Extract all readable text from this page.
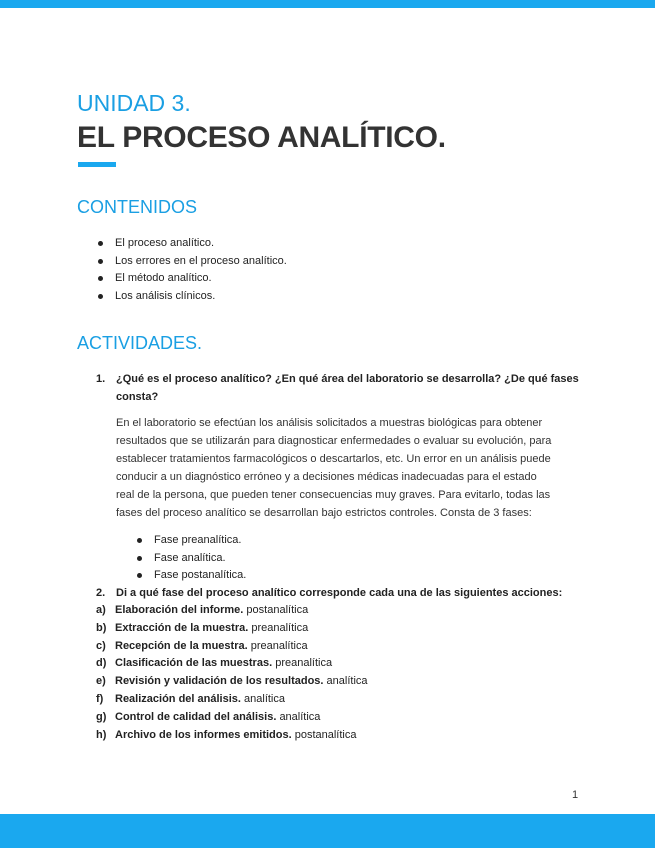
UNIDAD 3.
EL PROCESO ANALÍTICO.
CONTENIDOS
El proceso analítico.
Los errores en el proceso analítico.
El método analítico.
Los análisis clínicos.
ACTIVIDADES.
1. ¿Qué es el proceso analítico? ¿En qué área del laboratorio se desarrolla? ¿De qué fases
consta?
En el laboratorio se efectúan los análisis solicitados a muestras biológicas para obtener
resultados que se utilizarán para diagnosticar enfermedades o evaluar su evolución, para
establecer tratamientos farmacológicos o descartarlos, etc. Un error en un análisis puede
conducir a un diagnóstico erróneo y a decisiones médicas inadecuadas para el estado
real de la persona, que pueden tener consecuencias muy graves. Para evitarlo, todas las
fases del proceso analítico se desarrollan bajo estrictos controles. Consta de 3 fases:
Fase preanalítica.
Fase analítica.
Fase postanalítica.
2. Di a qué fase del proceso analítico corresponde cada una de las siguientes acciones:
a) Elaboración del informe. postanalítica
b) Extracción de la muestra. preanalítica
c) Recepción de la muestra. preanalítica
d) Clasificación de las muestras. preanalítica
e) Revisión y validación de los resultados. analítica
f) Realización del análisis. analítica
g) Control de calidad del análisis. analítica
h) Archivo de los informes emitidos. postanalítica
1
